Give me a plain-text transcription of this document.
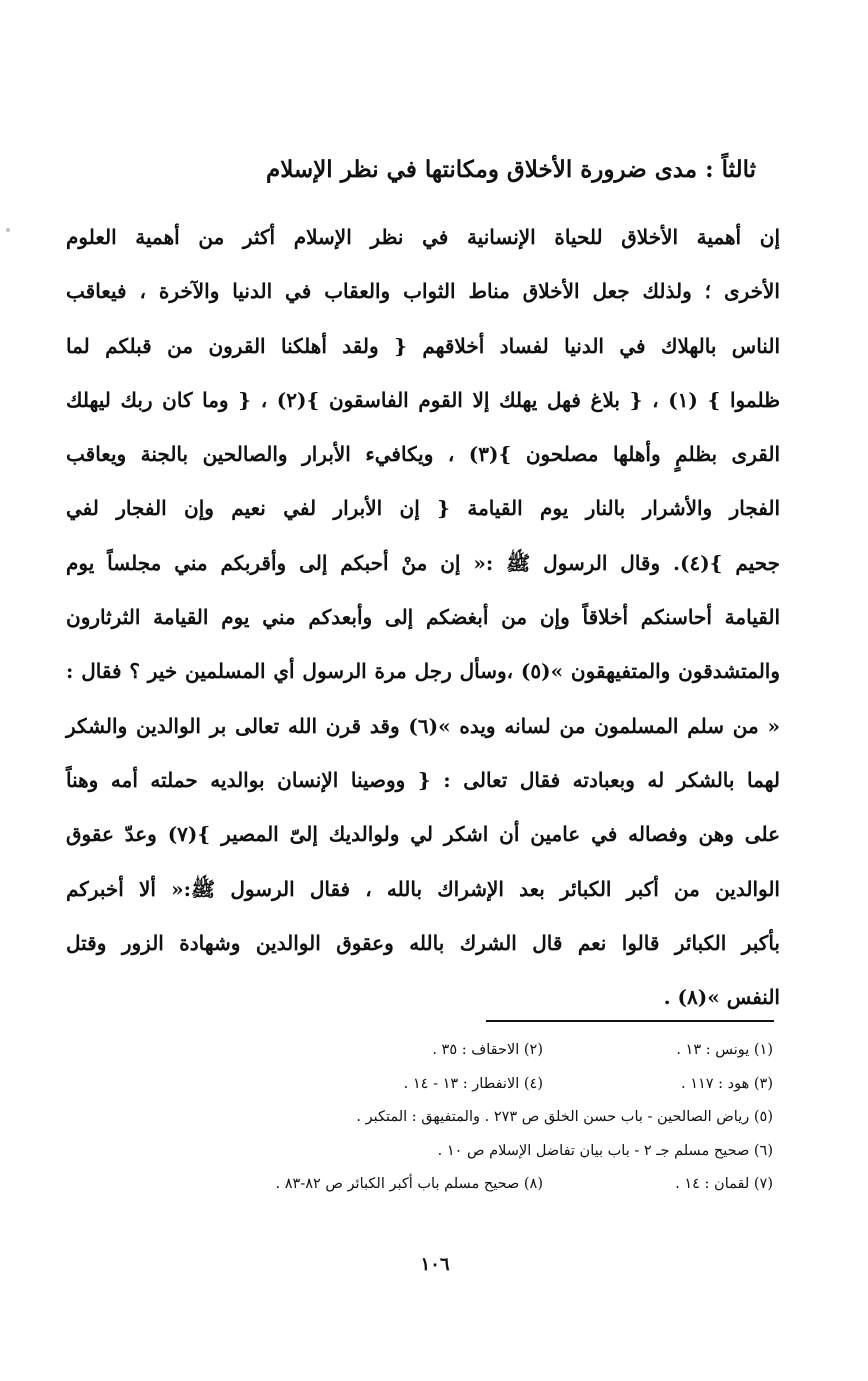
ثالثاً : مدى ضرورة الأخلاق ومكانتها في نظر الإسلام
إن أهمية الأخلاق للحياة الإنسانية في نظر الإسلام أكثر من أهمية العلوم
الأخرى ؛ ولذلك جعل الأخلاق مناط الثواب والعقاب في الدنيا والآخرة ، فيعاقب
الناس بالهلاك في الدنيا لفساد أخلاقهم { ولقد أهلكنا القرون من قبلكم لما
ظلموا } (١) ، { بلاغ فهل يهلك إلا القوم الفاسقون }(٢) ، { وما كان ربك ليهلك
القرى بظلمٍ وأهلها مصلحون }(٣) ، ويكافيء الأبرار والصالحين بالجنة ويعاقب
الفجار والأشرار بالنار يوم القيامة { إن الأبرار لفي نعيم وإن الفجار لفي
جحيم }(٤). وقال الرسول ﷺ :« إن منْ أحبكم إلى وأقربكم مني مجلساً يوم
القيامة أحاسنكم أخلاقاً وإن من أبغضكم إلى وأبعدكم مني يوم القيامة الثرثارون
والمتشدقون والمتفيهقون »(٥) ،وسأل رجل مرة الرسول أي المسلمين خير ؟ فقال :
« من سلم المسلمون من لسانه ويده »(٦) وقد قرن الله تعالى بر الوالدين والشكر
لهما بالشكر له وبعبادته فقال تعالى : { ووصينا الإنسان بوالديه حملته أمه وهناً
على وهن وفصاله في عامين أن اشكر لي ولوالديك إلىّ المصير }(٧) وعدّ عقوق
الوالدين من أكبر الكبائر بعد الإشراك بالله ، فقال الرسول ﷺ:« ألا أخبركم
بأكبر الكبائر قالوا نعم قال الشرك بالله وعقوق الوالدين وشهادة الزور وقتل
النفس »(٨) .
(١) يونس : ١٣ .
(٢) الاحقاف : ٣٥ .
(٣) هود : ١١٧ .
(٤) الانفطار : ١٣ - ١٤ .
(٥) رياض الصالحين - باب حسن الخلق ص ٢٧٣ . والمتفيهق : المتكبر .
(٦) صحيح مسلم جـ ٢ - باب بيان تفاضل الإسلام ص ١٠ .
(٧) لقمان : ١٤ .
(٨) صحيح مسلم باب أكبر الكبائر ص ٨٢-٨٣ .
١٠٦
